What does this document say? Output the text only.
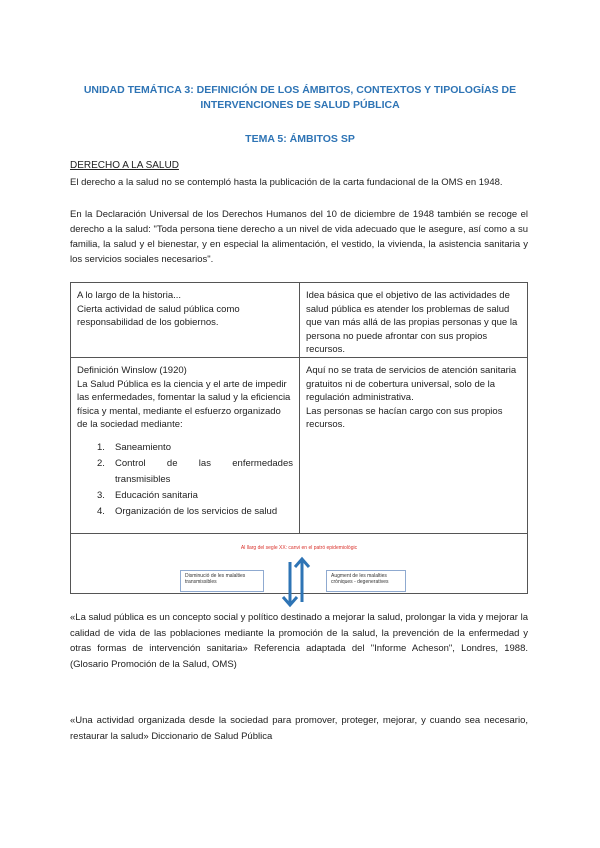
UNIDAD TEMÁTICA 3: DEFINICIÓN DE LOS ÁMBITOS, CONTEXTOS Y TIPOLOGÍAS DE
INTERVENCIONES DE SALUD PÚBLICA
TEMA 5: ÁMBITOS SP
DERECHO A LA SALUD
El derecho a la salud no se contempló hasta la publicación de la carta fundacional de la OMS en 1948.
En la Declaración Universal de los Derechos Humanos del 10 de diciembre de 1948 también se recoge el derecho a la salud: "Toda persona tiene derecho a un nivel de vida adecuado que le asegure, así como a su familia, la salud y el bienestar, y en especial la alimentación, el vestido, la vivienda, la asistencia sanitaria y los servicios sociales necesarios".
A lo largo de la historia...
Cierta actividad de salud pública como responsabilidad de los gobiernos.
Idea básica que el objetivo de las actividades de salud pública es atender los problemas de salud que van más allá de las propias personas y que la persona no puede afrontar con sus propios recursos.
Definición Winslow (1920)
La Salud Pública es la ciencia y el arte de impedir las enfermedades, fomentar la salud y la eficiencia física y mental, mediante el esfuerzo organizado de la sociedad mediante:
1. Saneamiento
2. Control de las enfermedades
transmisibles
3. Educación sanitaria
4. Organización de los servicios de salud
Aquí no se trata de servicios de atención sanitaria gratuitos ni de cobertura universal, solo de la regulación administrativa.
Las personas se hacían cargo con sus propios recursos.
Al llarg del segle XX: canvi en el patró epidemiològic
Disminució de les malalties transmissibles
Augment de les malalties cròniques - degeneratives
«La salud pública es un concepto social y político destinado a mejorar la salud, prolongar la vida y mejorar la calidad de vida de las poblaciones mediante la promoción de la salud, la prevención de la enfermedad y otras formas de intervención sanitaria» Referencia adaptada del "Informe Acheson", Londres, 1988. (Glosario Promoción de la Salud, OMS)
«Una actividad organizada desde la sociedad para promover, proteger, mejorar, y cuando sea necesario, restaurar la salud» Diccionario de Salud Pública
